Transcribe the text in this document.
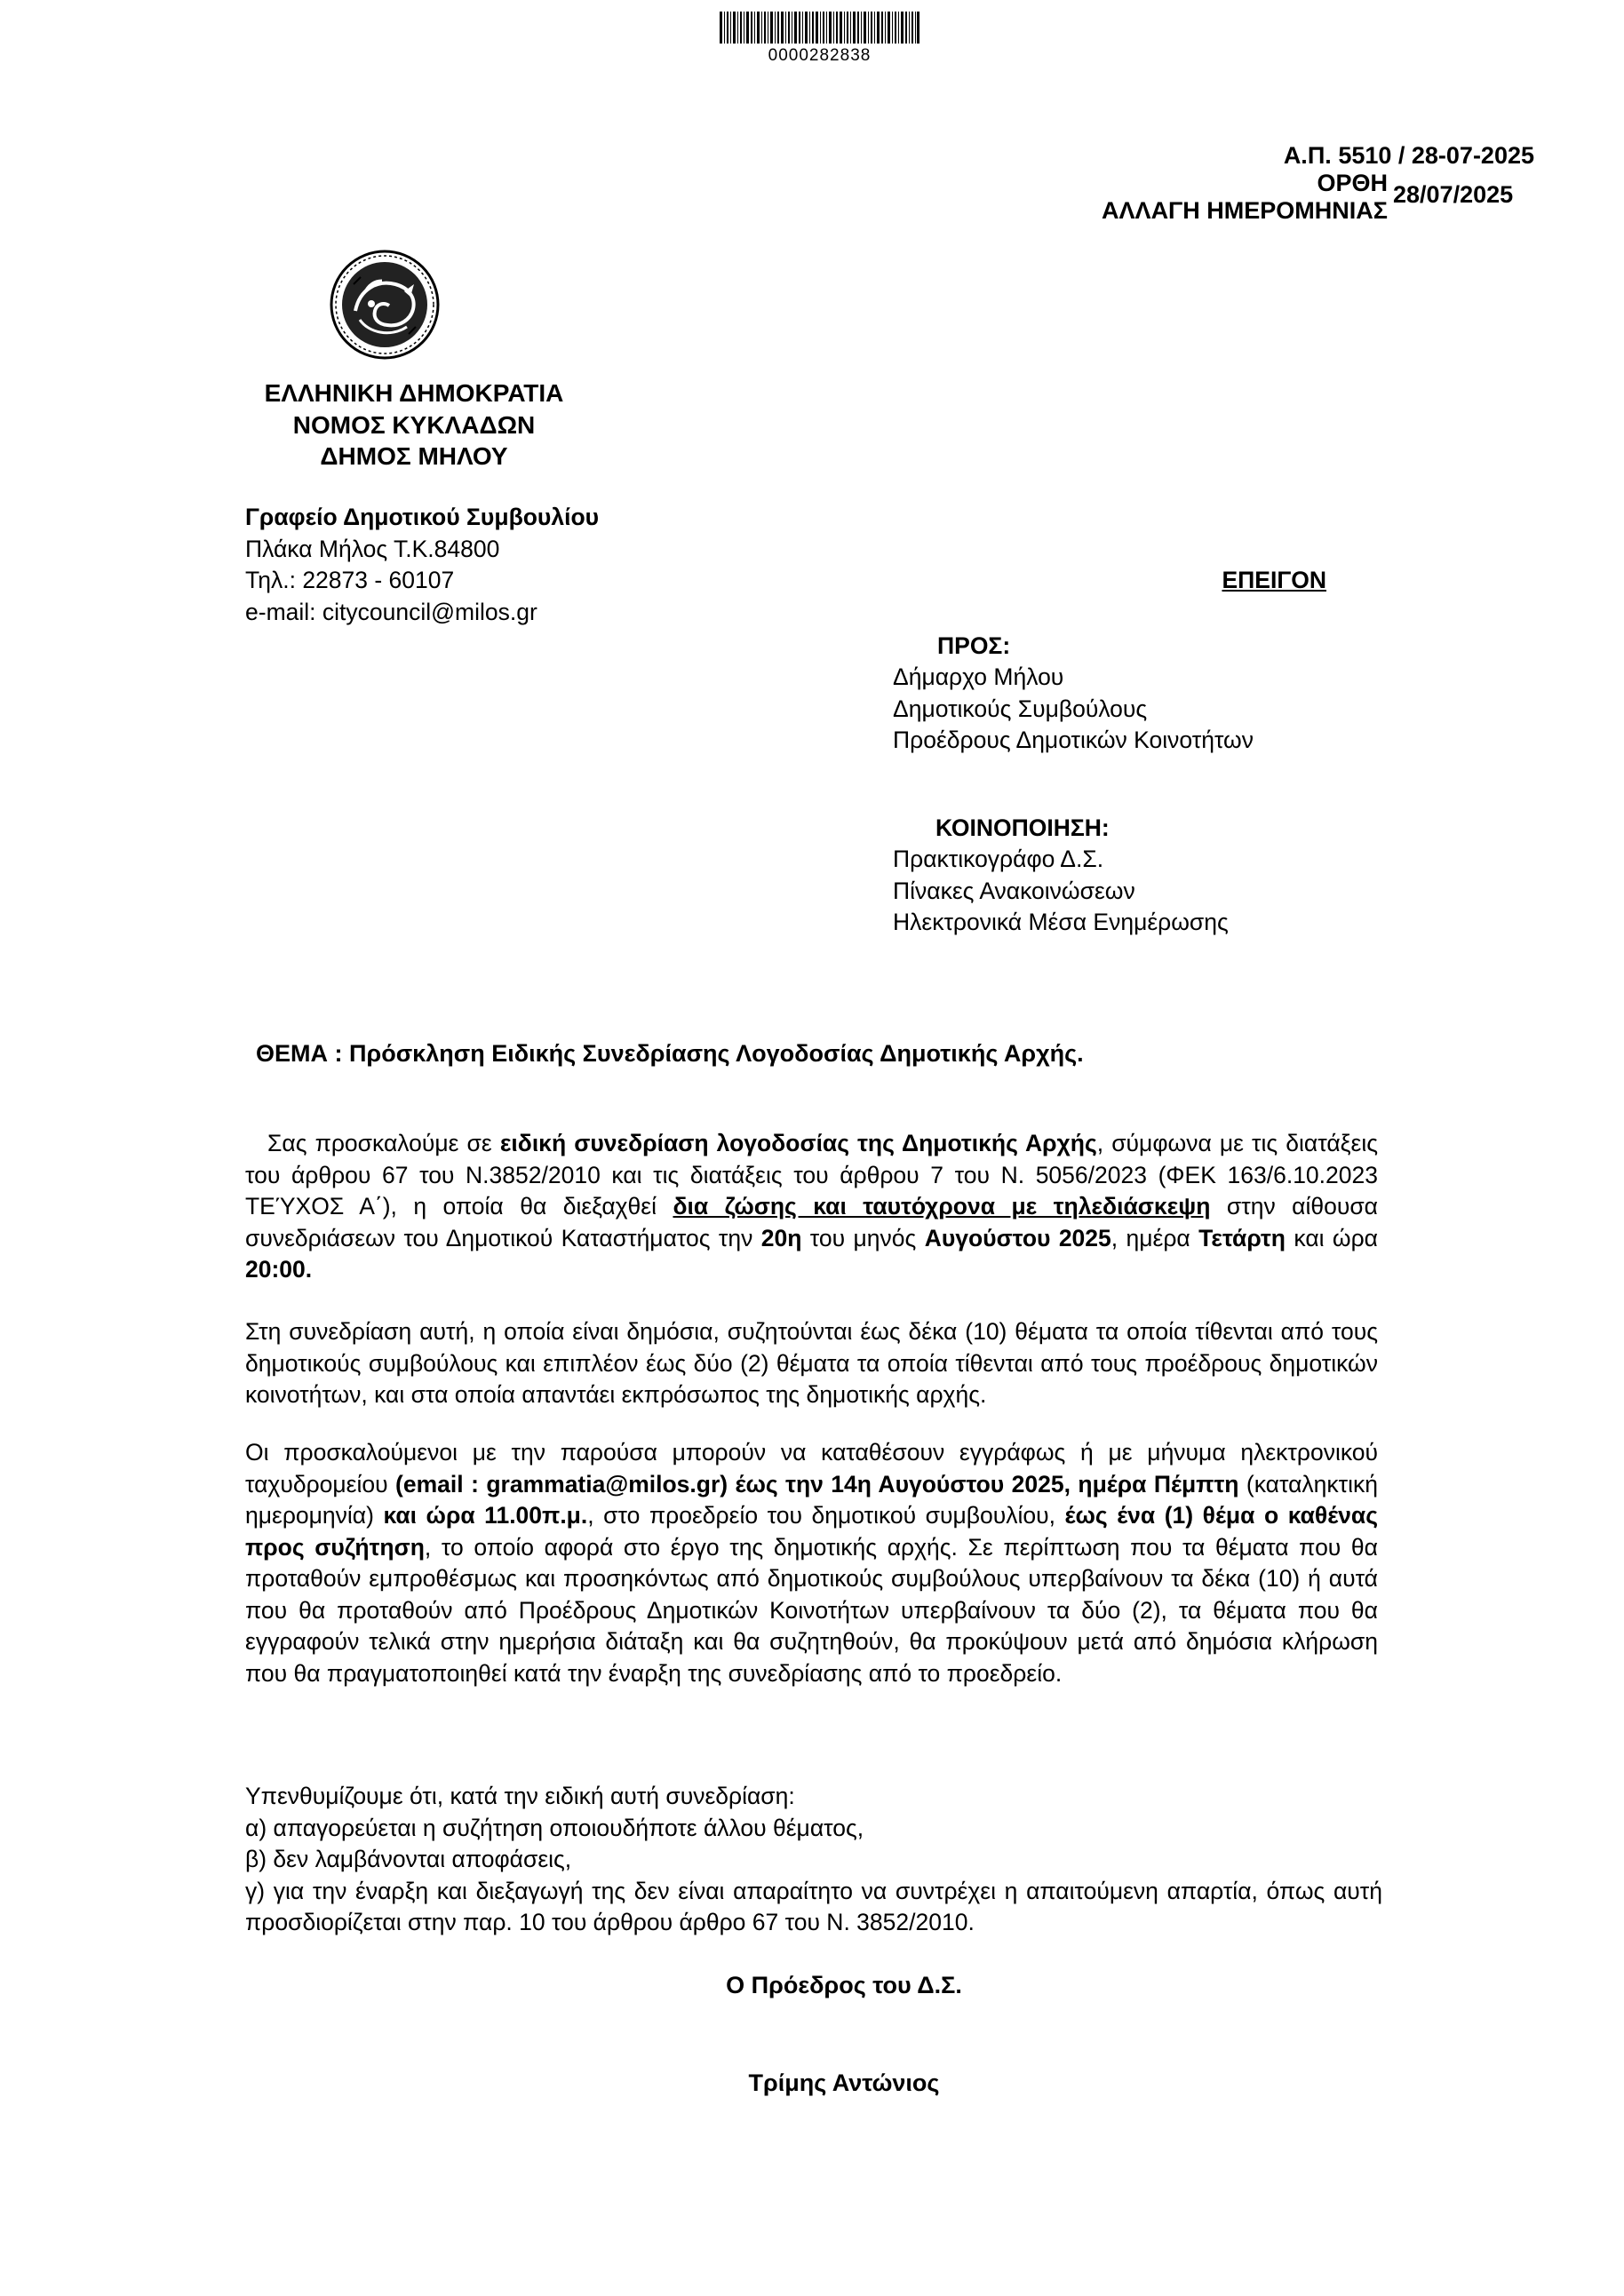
0000282838
Α.Π. 5510 / 28-07-2025
ΟΡΘΗ
ΑΛΛΑΓΗ ΗΜΕΡΟΜΗΝΙΑΣ
28/07/2025
ΕΛΛΗΝΙΚΗ ΔΗΜΟΚΡΑΤΙΑ
ΝΟΜΟΣ ΚΥΚΛΑΔΩΝ
ΔΗΜΟΣ ΜΗΛΟΥ
Γραφείο Δημοτικού Συμβουλίου
Πλάκα Μήλος Τ.Κ.84800
Τηλ.: 22873 - 60107
e-mail: citycouncil@milos.gr
ΕΠΕΙΓΟΝ
ΠΡΟΣ:
Δήμαρχο Μήλου
Δημοτικούς Συμβούλους
Προέδρους Δημοτικών Κοινοτήτων
ΚΟΙΝΟΠΟΙΗΣΗ:
Πρακτικογράφο Δ.Σ.
Πίνακες Ανακοινώσεων
Ηλεκτρονικά Μέσα Ενημέρωσης
ΘΕΜΑ : Πρόσκληση Ειδικής Συνεδρίασης Λογοδοσίας Δημοτικής Αρχής.

Σας προσκαλούμε σε ειδική συνεδρίαση λογοδοσίας της Δημοτικής Αρχής, σύμφωνα με τις διατάξεις του άρθρου 67 του Ν.3852/2010 και τις διατάξεις του άρθρου 7 του Ν. 5056/2023 (ΦΕΚ 163/6.10.2023 ΤΕΎΧΟΣ Α΄), η οποία θα διεξαχθεί δια ζώσης και ταυτόχρονα με τηλεδιάσκεψη στην αίθουσα συνεδριάσεων του Δημοτικού Καταστήματος την 20η του μηνός Αυγούστου 2025, ημέρα Τετάρτη και ώρα 20:00.

Στη συνεδρίαση αυτή, η οποία είναι δημόσια, συζητούνται έως δέκα (10) θέματα τα οποία τίθενται από τους δημοτικούς συμβούλους και επιπλέον έως δύο (2) θέματα τα οποία τίθενται από τους προέδρους δημοτικών κοινοτήτων, και στα οποία απαντάει εκπρόσωπος της δημοτικής αρχής.

Οι προσκαλούμενοι με την παρούσα μπορούν να καταθέσουν εγγράφως ή με μήνυμα ηλεκτρονικού ταχυδρομείου (email : grammatia@milos.gr) έως την 14η Αυγούστου 2025, ημέρα Πέμπτη (καταληκτική ημερομηνία) και ώρα 11.00π.μ., στο προεδρείο του δημοτικού συμβουλίου, έως ένα (1) θέμα ο καθένας προς συζήτηση, το οποίο αφορά στο έργο της δημοτικής αρχής. Σε περίπτωση που τα θέματα που θα προταθούν εμπροθέσμως και προσηκόντως από δημοτικούς συμβούλους υπερβαίνουν τα δέκα (10) ή αυτά που θα προταθούν από Προέδρους Δημοτικών Κοινοτήτων υπερβαίνουν τα δύο (2), τα θέματα που θα εγγραφούν τελικά στην ημερήσια διάταξη και θα συζητηθούν, θα προκύψουν μετά από δημόσια κλήρωση που θα πραγματοποιηθεί κατά την έναρξη της συνεδρίασης από το προεδρείο.

Υπενθυμίζουμε ότι, κατά την ειδική αυτή συνεδρίαση:

α) απαγορεύεται η συζήτηση οποιουδήποτε άλλου θέματος,

β) δεν λαμβάνονται αποφάσεις,

γ) για την έναρξη και διεξαγωγή της δεν είναι απαραίτητο να συντρέχει η απαιτούμενη απαρτία, όπως αυτή προσδιορίζεται στην παρ. 10 του άρθρου άρθρο 67 του Ν. 3852/2010.

Ο Πρόεδρος του Δ.Σ.
Τρίμης Αντώνιος
